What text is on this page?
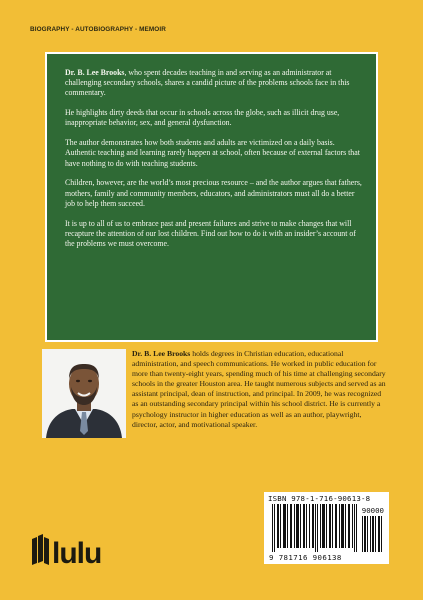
BIOGRAPHY - AUTOBIOGRAPHY - MEMOIR

Dr. B. Lee Brooks, who spent decades teaching in and serving as an administrator at challenging secondary schools, shares a candid picture of the problems schools face in this commentary.

He highlights dirty deeds that occur in schools across the globe, such as illicit drug use, inappropriate behavior, sex, and general dysfunction.

The author demonstrates how both students and adults are victimized on a daily basis. Authentic teaching and learning rarely happen at school, often because of external factors that have nothing to do with teaching students.

Children, however, are the world’s most precious resource – and the author argues that fathers, mothers, family and community members, educators, and administrators must all do a better job to help them succeed.

It is up to all of us to embrace past and present failures and strive to make changes that will recapture the attention of our lost children. Find out how to do it with an insider’s account of the problems we must overcome.

Dr. B. Lee Brooks holds degrees in Christian education, educational administration, and speech communications. He worked in public education for more than twenty-eight years, spending much of his time at challenging secondary schools in the greater Houston area. He taught numerous subjects and served as an assistant principal, dean of instruction, and principal. In 2009, he was recognized as an outstanding secondary principal within his school district. He is currently a psychology instructor in higher education as well as an author, playwright, director, actor, and motivational speaker.
ISBN 978-1-716-90613-8
90000
9 781716 906138
lulu
